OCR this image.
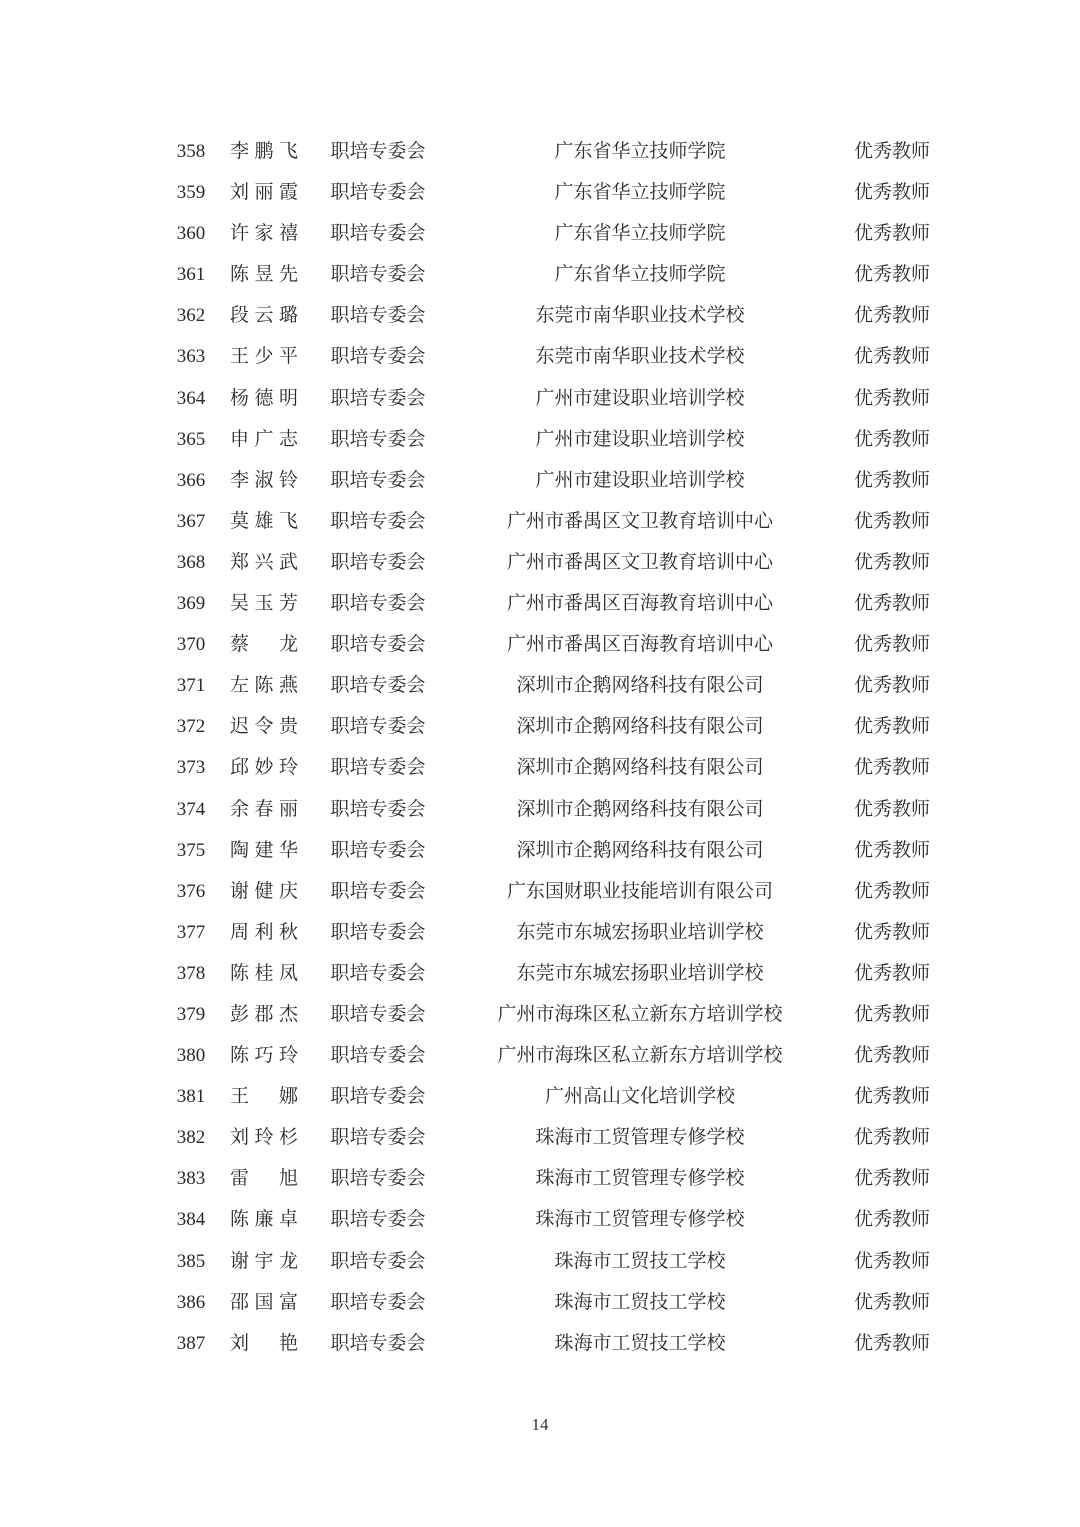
358	李鹏飞 职培专委会	广东省华立技师学院	优秀教师
359	刘丽霞 职培专委会	广东省华立技师学院	优秀教师
360	许家禧 职培专委会	广东省华立技师学院	优秀教师
361	陈昱先 职培专委会	广东省华立技师学院	优秀教师
362	段云璐 职培专委会	东莞市南华职业技术学校	优秀教师
363	王少平 职培专委会	东莞市南华职业技术学校	优秀教师
364	杨德明 职培专委会	广州市建设职业培训学校	优秀教师
365	申广志 职培专委会	广州市建设职业培训学校	优秀教师
366	李淑铃 职培专委会	广州市建设职业培训学校	优秀教师
367	莫雄飞 职培专委会	广州市番禺区文卫教育培训中心	优秀教师
368	郑兴武 职培专委会	广州市番禺区文卫教育培训中心	优秀教师
369	吴玉芳 职培专委会	广州市番禺区百海教育培训中心	优秀教师
370	蔡龙 职培专委会	广州市番禺区百海教育培训中心	优秀教师
371	左陈燕 职培专委会	深圳市企鹅网络科技有限公司	优秀教师
372	迟令贵 职培专委会	深圳市企鹅网络科技有限公司	优秀教师
373	邱妙玲 职培专委会	深圳市企鹅网络科技有限公司	优秀教师
374	余春丽 职培专委会	深圳市企鹅网络科技有限公司	优秀教师
375	陶建华 职培专委会	深圳市企鹅网络科技有限公司	优秀教师
376	谢健庆 职培专委会	广东国财职业技能培训有限公司	优秀教师
377	周利秋 职培专委会	东莞市东城宏扬职业培训学校	优秀教师
378	陈桂凤 职培专委会	东莞市东城宏扬职业培训学校	优秀教师
379	彭郡杰 职培专委会	广州市海珠区私立新东方培训学校	优秀教师
380	陈巧玲 职培专委会	广州市海珠区私立新东方培训学校	优秀教师
381	王娜 职培专委会	广州高山文化培训学校	优秀教师
382	刘玲杉 职培专委会	珠海市工贸管理专修学校	优秀教师
383	雷旭 职培专委会	珠海市工贸管理专修学校	优秀教师
384	陈廉卓 职培专委会	珠海市工贸管理专修学校	优秀教师
385	谢宇龙 职培专委会	珠海市工贸技工学校	优秀教师
386	邵国富 职培专委会	珠海市工贸技工学校	优秀教师
387	刘艳 职培专委会	珠海市工贸技工学校	优秀教师
14
